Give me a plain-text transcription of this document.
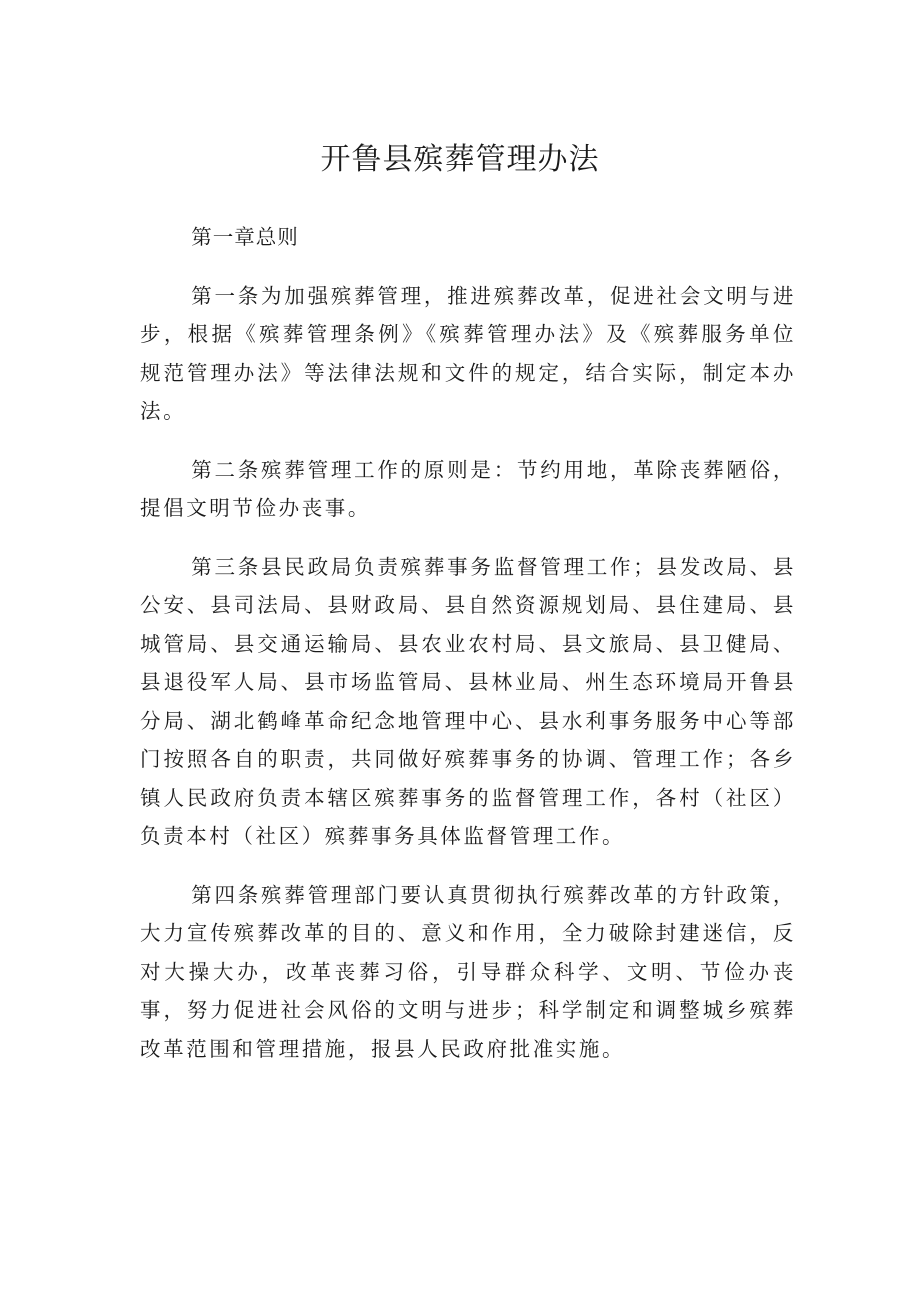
开鲁县殡葬管理办法

第一章总则

第一条为加强殡葬管理，推进殡葬改革，促进社会文明与进步，根据《殡葬管理条例》《殡葬管理办法》及《殡葬服务单位规范管理办法》等法律法规和文件的规定，结合实际，制定本办法。

第二条殡葬管理工作的原则是：节约用地，革除丧葬陋俗，提倡文明节俭办丧事。

第三条县民政局负责殡葬事务监督管理工作；县发改局、县公安、县司法局、县财政局、县自然资源规划局、县住建局、县城管局、县交通运输局、县农业农村局、县文旅局、县卫健局、县退役军人局、县市场监管局、县林业局、州生态环境局开鲁县分局、湖北鹤峰革命纪念地管理中心、县水利事务服务中心等部门按照各自的职责，共同做好殡葬事务的协调、管理工作；各乡镇人民政府负责本辖区殡葬事务的监督管理工作，各村（社区）负责本村（社区）殡葬事务具体监督管理工作。

第四条殡葬管理部门要认真贯彻执行殡葬改革的方针政策，大力宣传殡葬改革的目的、意义和作用，全力破除封建迷信，反对大操大办，改革丧葬习俗，引导群众科学、文明、节俭办丧事，努力促进社会风俗的文明与进步；科学制定和调整城乡殡葬改革范围和管理措施，报县人民政府批准实施。
